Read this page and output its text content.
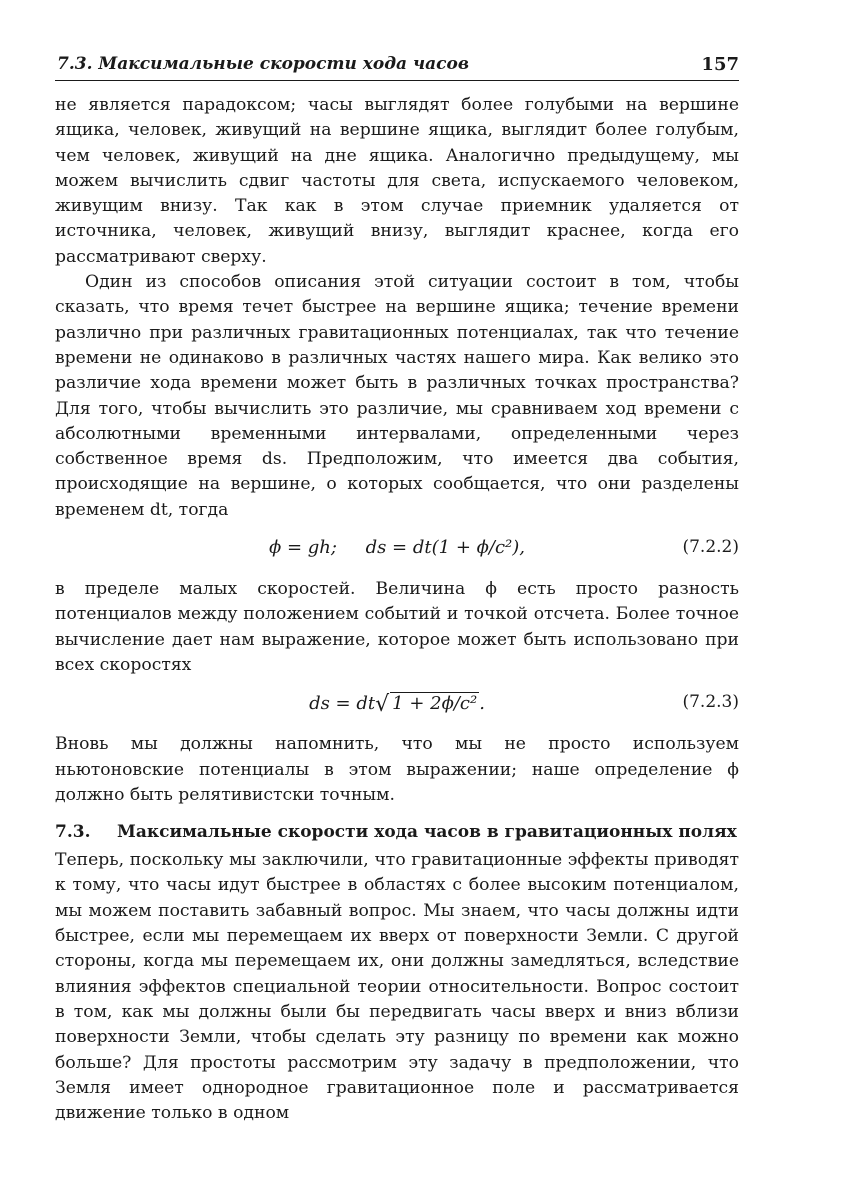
7.3. Максимальные скорости хода часов	157

не является парадоксом; часы выглядят более голубыми на вершине ящика, человек, живущий на вершине ящика, выглядит более голубым, чем человек, живущий на дне ящика. Аналогично предыдущему, мы можем вычислить сдвиг частоты для света, испускаемого человеком, живущим внизу. Так как в этом случае приемник удаляется от источника, человек, живущий внизу, выглядит краснее, когда его рассматривают сверху.

Один из способов описания этой ситуации состоит в том, чтобы сказать, что время течет быстрее на вершине ящика; течение времени различно при различных гравитационных потенциалах, так что течение времени не одинаково в различных частях нашего мира. Как велико это различие хода времени может быть в различных точках пространства? Для того, чтобы вычислить это различие, мы сравниваем ход времени с абсолютными временными интервалами, определенными через собственное время ds. Предположим, что имеется два события, происходящие на вершине, о которых сообщается, что они разделены временем dt, тогда

ϕ = gh; ds = dt(1 + ϕ/c²),	(7.2.2)

в пределе малых скоростей. Величина ϕ есть просто разность потенциалов между положением событий и точкой отсчета. Более точное вычисление дает нам выражение, которое может быть использовано при всех скоростях

ds = dt√ 1 + 2ϕ/c² .	(7.2.3)

Вновь мы должны напомнить, что мы не просто используем ньютоновские потенциалы в этом выражении; наше определение ϕ должно быть релятивистски точным.

7.3. Максимальные скорости хода часов в гравитационных полях

Теперь, поскольку мы заключили, что гравитационные эффекты приводят к тому, что часы идут быстрее в областях с более высоким потенциалом, мы можем поставить забавный вопрос. Мы знаем, что часы должны идти быстрее, если мы перемещаем их вверх от поверхности Земли. С другой стороны, когда мы перемещаем их, они должны замедляться, вследствие влияния эффектов специальной теории относительности. Вопрос состоит в том, как мы должны были бы передвигать часы вверх и вниз вблизи поверхности Земли, чтобы сделать эту разницу по времени как можно больше? Для простоты рассмотрим эту задачу в предположении, что Земля имеет однородное гравитационное поле и рассматривается движение только в одном
